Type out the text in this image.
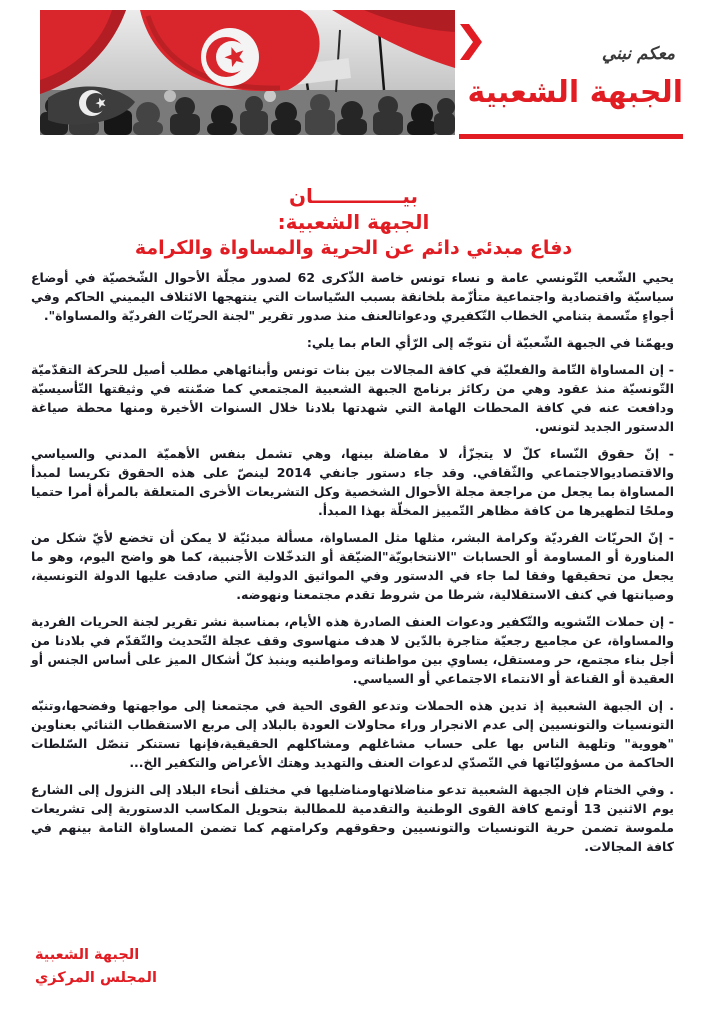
معكم نبني
الجبهة الشعبية
بيـــــــــــــان
الجبهة الشعبية:
دفاع مبدئي دائم عن الحرية والمساواة والكرامة

يحيي الشّعب التّونسي عامة و نساء تونس خاصة الذّكرى 62 لصدور مجلّة الأحوال الشّخصيّة في أوضاع سياسيّة واقتصادية واجتماعية متأزّمة بلخانقة بسبب السّياسات التي ينتهجها الائتلاف اليميني الحاكم وفي أجواءٍ متّسمة بتنامي الخطاب التّكفيري ودعواتالعنف منذ صدور تقرير "لجنة الحريّات الفرديّة والمساواة".

ويهمّنا في الجبهة الشّعبيّة أن نتوجّه إلى الرّأي العام بما يلي:

- إن المساواة التّامة والفعليّة في كافة المجالات بين بنات تونس وأبنائهاهي مطلب أصيل للحركة التقدّميّة التّونسيّة منذ عقود وهي من ركائز برنامج الجبهة الشعبية المجتمعي كما ضمّنته في وثيقتها التّأسيسيّة ودافعت عنه في كافة المحطات الهامة التي شهدتها بلادنا خلال السنوات الأخيرة ومنها محطة صياغة الدستور الجديد لتونس.

- إنّ حقوق النّساء كلّ لا يتجزّأ، لا مفاضلة بينها، وهي تشمل بنفس الأهميّة المدني والسياسي والاقتصاديوالاجتماعي والثّقافي. وقد جاء دستور جانفي 2014 لينصّ على هذه الحقوق تكريسا لمبدأ المساواة بما يجعل من مراجعة مجلة الأحوال الشخصية وكل التشريعات الأخرى المتعلقة بالمرأة أمرا حتميا وملحًا لتطهيرها من كافة مظاهر التّمييز المخلّة بهذا المبدأ.

- إنّ الحريّات الفرديّة وكرامة البشر، مثلها مثل المساواة، مسألة مبدئيّة لا يمكن أن تخضع لأيّ شكل من المناورة أو المساومة أو الحسابات "الانتخابويّة"الضيّقة أو التدخّلات الأجنبية، كما هو واضح اليوم، وهو ما يجعل من تحقيقها وفقا لما جاء في الدستور وفي المواثيق الدولية التي صادقت عليها الدولة التونسية، وصيانتها في كنف الاستقلالية، شرطا من شروط تقدم مجتمعنا ونهوضه.

- إن حملات التّشويه والتّكفير ودعوات العنف الصادرة هذه الأيام، بمناسبة نشر تقرير لجنة الحريات الفردية والمساواة، عن مجاميع رجعيّة متاجرة بالدّين لا هدف منهاسوى وقف عجلة التّحديث والتّقدّم في بلادنا من أجل بناء مجتمع، حر ومستقل، يساوي بين مواطناته ومواطنيه وينبذ كلّ أشكال الميز على أساس الجنس أو العقيدة أو القناعة أو الانتماء الاجتماعي أو السياسي.

. إن الجبهة الشعبية إذ تدين هذه الحملات وتدعو القوى الحية في مجتمعنا إلى مواجهتها وفضحها،وتنبّه التونسيات والتونسيين إلى عدم الانجرار وراء محاولات العودة بالبلاد إلى مربع الاستقطاب الثنائي بعناوين "هووية" وتلهية الناس بها على حساب مشاغلهم ومشاكلهم الحقيقية،فإنها تستنكر تنصّل السّلطات الحاكمة من مسؤوليّاتها في التّصدّي لدعوات العنف والتهديد وهتك الأعراض والتكفير الخ...

. وفي الختام فإن الجبهة الشعبية تدعو مناضلاتهاومناضليها في مختلف أنحاء البلاد إلى النزول إلى الشارع يوم الاثنين 13 أوتمع كافة القوى الوطنية والتقدمية للمطالبة بتحويل المكاسب الدستورية إلى تشريعات ملموسة تضمن حرية التونسيات والتونسيين وحقوقهم وكرامتهم كما تضمن المساواة التامة بينهم في كافة المجالات.

الجبهة الشعبية
المجلس المركزي
